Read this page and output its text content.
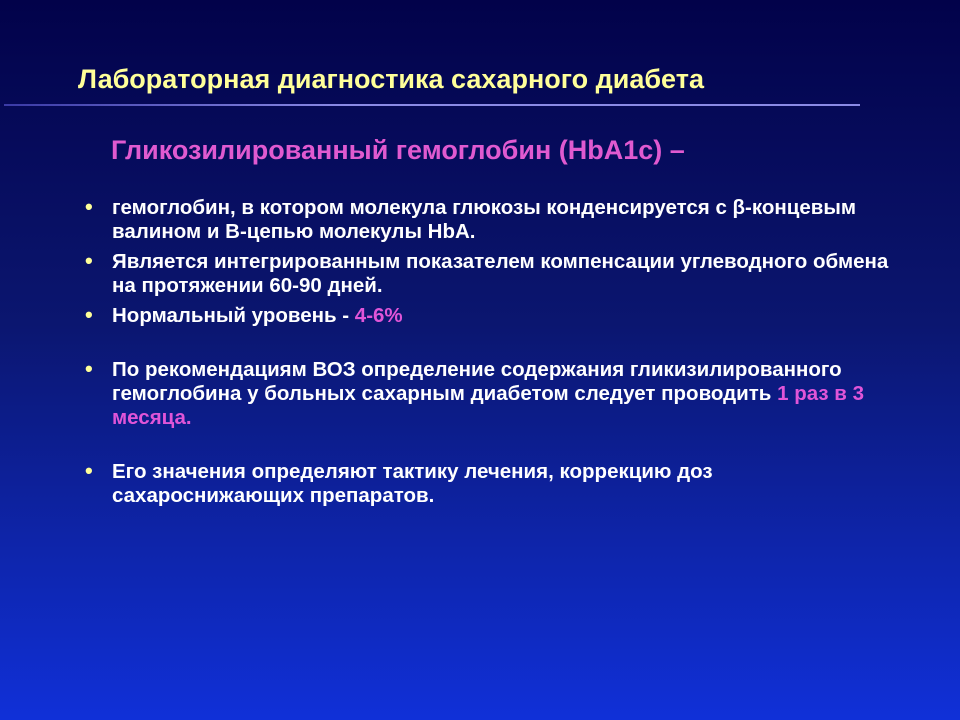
Лабораторная диагностика сахарного диабета
Гликозилированный гемоглобин (HbA1c) –
• гемоглобин, в котором молекула глюкозы конденсируется с β-концевым валином и В-цепью молекулы HbA.
• Является интегрированным показателем компенсации углеводного обмена на протяжении 60-90 дней.
• Нормальный уровень - 4-6%
• По рекомендациям ВОЗ определение содержания гликизилированного гемоглобина у больных сахарным диабетом следует проводить 1 раз в 3 месяца.
• Его значения определяют тактику лечения, коррекцию доз сахароснижающих препаратов.
